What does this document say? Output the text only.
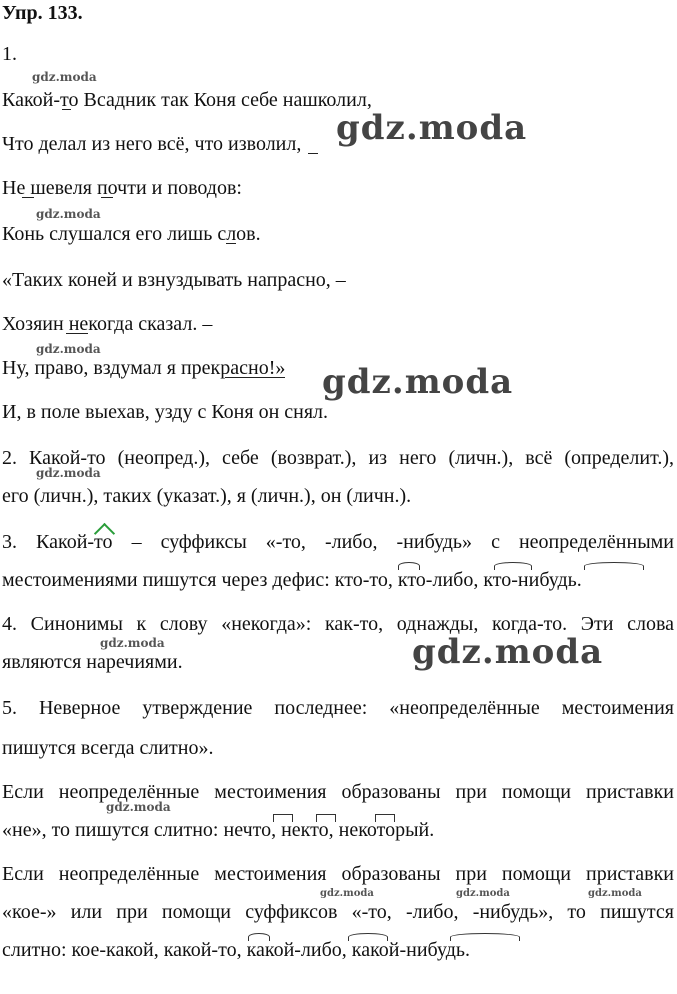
Упр. 133.
1.
Какой-то Всадник так Коня себе нашколил,
Что делал из него всё, что изволил,
Не шевеля почти и поводов:
Конь слушался его лишь слов.
«Таких коней и взнуздывать напрасно, –
Хозяин некогда сказал. –
Ну, право, вздумал я прекрасно!»
И, в поле выехав, узду с Коня он снял.
2. Какой-то (неопред.), себе (возврат.), из него (личн.), всё (определит.),
его (личн.), таких (указат.), я (личн.), он (личн.).
3. Какой-то – суффиксы «-то, -либо, -нибудь» с неопределёнными
местоимениями пишутся через дефис: кто-то, кто-либо, кто-нибудь.
4. Синонимы к слову «некогда»: как-то, однажды, когда-то. Эти слова
являются наречиями.
5. Неверное утверждение последнее: «неопределённые местоимения
пишутся всегда слитно».
Если неопределённые местоимения образованы при помощи приставки
«не», то пишутся слитно: нечто, некто, некоторый.
Если неопределённые местоимения образованы при помощи приставки
«кое-» или при помощи суффиксов «-то, -либо, -нибудь», то пишутся
слитно: кое-какой, какой-то, какой-либо, какой-нибудь.
gdz.moda
gdz.moda
gdz.moda
gdz.moda
gdz.moda
gdz.moda
gdz.moda	gdz.moda
gdz.moda
gdz.moda	gdz.moda	gdz.moda
